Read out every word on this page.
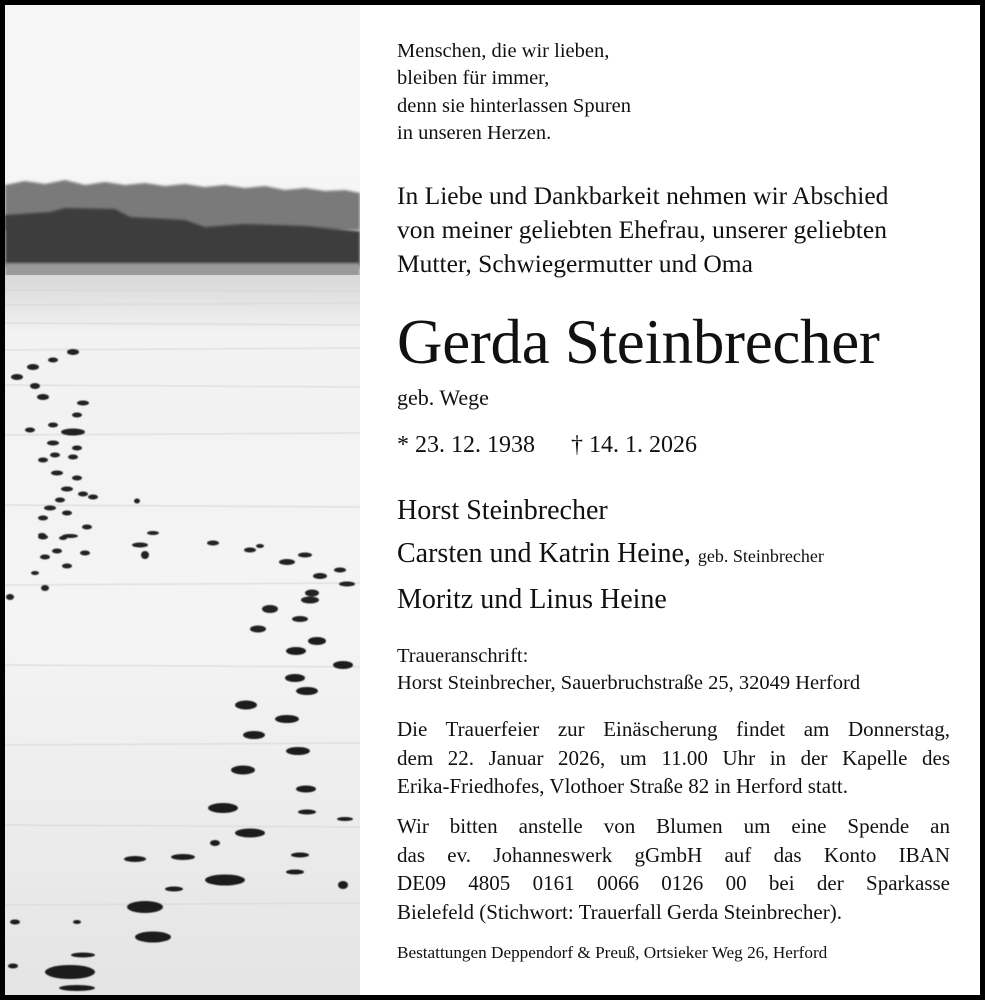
Menschen, die wir lieben,
bleiben für immer,
denn sie hinterlassen Spuren
in unseren Herzen.
In Liebe und Dankbarkeit nehmen wir Abschied
von meiner geliebten Ehefrau, unserer geliebten
Mutter, Schwiegermutter und Oma
Gerda Steinbrecher
geb. Wege
* 23. 12. 1938 † 14. 1. 2026
Horst Steinbrecher
Carsten und Katrin Heine, geb. Steinbrecher
Moritz und Linus Heine
Traueranschrift:
Horst Steinbrecher, Sauerbruchstraße 25, 32049 Herford
Die Trauerfeier zur Einäscherung findet am Donnerstag,
dem 22. Januar 2026, um 11.00 Uhr in der Kapelle des
Erika-Friedhofes, Vlothoer Straße 82 in Herford statt.
Wir bitten anstelle von Blumen um eine Spende an
das ev. Johanneswerk gGmbH auf das Konto IBAN
DE09 4805 0161 0066 0126 00 bei der Sparkasse
Bielefeld (Stichwort: Trauerfall Gerda Steinbrecher).
Bestattungen Deppendorf & Preuß, Ortsieker Weg 26, Herford
